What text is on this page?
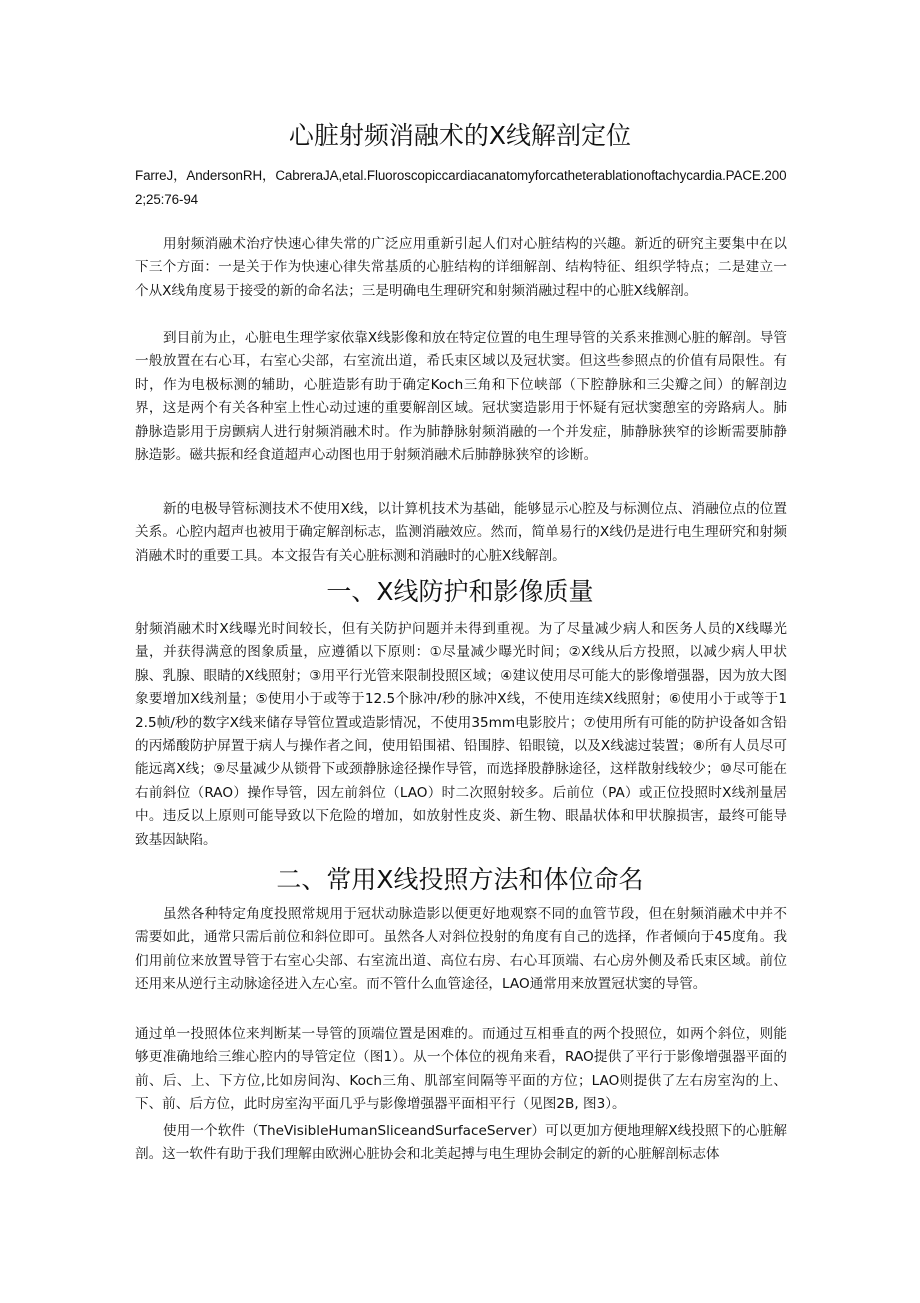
心脏射频消融术的X线解剖定位

FarreJ，AndersonRH，CabreraJA,etal.Fluoroscopiccardiacanatomyforcatheterablationoftachycardia.PACE.2002;25:76-94

用射频消融术治疗快速心律失常的广泛应用重新引起人们对心脏结构的兴趣。新近的研究主要集中在以下三个方面：一是关于作为快速心律失常基质的心脏结构的详细解剖、结构特征、组织学特点；二是建立一个从X线角度易于接受的新的命名法；三是明确电生理研究和射频消融过程中的心脏X线解剖。

到目前为止，心脏电生理学家依靠X线影像和放在特定位置的电生理导管的关系来推测心脏的解剖。导管一般放置在右心耳，右室心尖部，右室流出道，希氏束区域以及冠状窦。但这些参照点的价值有局限性。有时，作为电极标测的辅助，心脏造影有助于确定Koch三角和下位峡部（下腔静脉和三尖瓣之间）的解剖边界，这是两个有关各种室上性心动过速的重要解剖区域。冠状窦造影用于怀疑有冠状窦憩室的旁路病人。肺静脉造影用于房颤病人进行射频消融术时。作为肺静脉射频消融的一个并发症，肺静脉狭窄的诊断需要肺静脉造影。磁共振和经食道超声心动图也用于射频消融术后肺静脉狭窄的诊断。

新的电极导管标测技术不使用X线，以计算机技术为基础，能够显示心腔及与标测位点、消融位点的位置关系。心腔内超声也被用于确定解剖标志，监测消融效应。然而，简单易行的X线仍是进行电生理研究和射频消融术时的重要工具。本文报告有关心脏标测和消融时的心脏X线解剖。

一、X线防护和影像质量

射频消融术时X线曝光时间较长，但有关防护问题并未得到重视。为了尽量减少病人和医务人员的X线曝光量，并获得满意的图象质量，应遵循以下原则：①尽量减少曝光时间；②X线从后方投照，以减少病人甲状腺、乳腺、眼睛的X线照射；③用平行光管来限制投照区域；④建议使用尽可能大的影像增强器，因为放大图象要增加X线剂量；⑤使用小于或等于12.5个脉冲/秒的脉冲X线，不使用连续X线照射；⑥使用小于或等于12.5帧/秒的数字X线来储存导管位置或造影情况，不使用35mm电影胶片；⑦使用所有可能的防护设备如含铅的丙烯酸防护屏置于病人与操作者之间，使用铅围裙、铅围脖、铅眼镜，以及X线滤过装置；⑧所有人员尽可能远离X线；⑨尽量减少从锁骨下或颈静脉途径操作导管，而选择股静脉途径，这样散射线较少；⑩尽可能在右前斜位（RAO）操作导管，因左前斜位（LAO）时二次照射较多。后前位（PA）或正位投照时X线剂量居中。违反以上原则可能导致以下危险的增加，如放射性皮炎、新生物、眼晶状体和甲状腺损害，最终可能导致基因缺陷。

二、常用X线投照方法和体位命名

虽然各种特定角度投照常规用于冠状动脉造影以便更好地观察不同的血管节段，但在射频消融术中并不需要如此，通常只需后前位和斜位即可。虽然各人对斜位投射的角度有自己的选择，作者倾向于45度角。我们用前位来放置导管于右室心尖部、右室流出道、高位右房、右心耳顶端、右心房外侧及希氏束区域。前位还用来从逆行主动脉途径进入左心室。而不管什么血管途径，LAO通常用来放置冠状窦的导管。

通过单一投照体位来判断某一导管的顶端位置是困难的。而通过互相垂直的两个投照位，如两个斜位，则能够更准确地给三维心腔内的导管定位（图1）。从一个体位的视角来看，RAO提供了平行于影像增强器平面的前、后、上、下方位,比如房间沟、Koch三角、肌部室间隔等平面的方位；LAO则提供了左右房室沟的上、下、前、后方位，此时房室沟平面几乎与影像增强器平面相平行（见图2B, 图3）。

使用一个软件（TheVisibleHumanSliceandSurfaceServer）可以更加方便地理解X线投照下的心脏解剖。这一软件有助于我们理解由欧洲心脏协会和北美起搏与电生理协会制定的新的心脏解剖标志体
